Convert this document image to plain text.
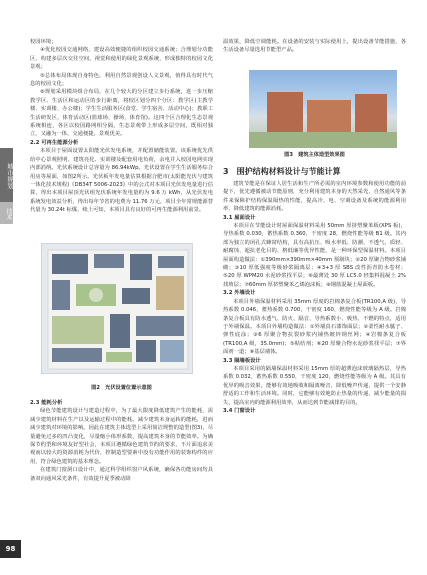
城市规划
技术

校园环境；

④优化校园交通网络，建设高效便捷的组织校园交通系统；合理划分功能区，构建多层次交往空间，视觉和使用的绿化景观系统，形成独特的校园文化景观；

⑤总体布局体现自身特色，利用自然景观创设人文景观，值得具有时代气息的校园文化；

⑥规划采用模块组合布局，在几个较大的分区建立步行系统，进一步压缩教学区、生活区和运动区的步行距离，将校区划分四个分区：教学区(主教学楼、实训楼、办公楼)；学生生活服务区(食堂、学生宿舍、活动中心)；教职工生活研发区，体育活动区(篮球场、操场、体育馆)。这四个区合理化生态景观系统相连，各区以校园路网相分隔，生态景观带上形成多层空间，既相对独立，又融为一体，交通便捷，景观优美。

2.2 可再生能源分析

本项目于屋面设置太阳能光伏发电系统，并配置储能装置。该系统优先供给中心景观照明、建筑亮化、实训楼及配套用电负荷，余电并入校园电网实现内部消纳。光伏系统设计总容量为 86.94kWp。光伏设置在学生生活服务综合用房等屋面，如图2所示。光伏板年发电量估算根据合肥市(太阳能光伏与建筑一体化技术规程)《DB34T 5006-2023》中的公式对本项目光伏发电量进行估算，得出本项目屋顶光伏组光伏系统年发电量约为 9.6 万 kWh，从光伏发电系统发电效益分析，得出每年节省的电费为 11.76 万元，项目全年常规能源替代量为 30.24t 标煤，续上可知，本项目具有良好的可再生能源利用前景。

图2　光伏设置位置示意图

2.3 能耗分析

绿色节能建筑设计与建造过程中，为了最大限度降低建筑产生的能耗，需减少建筑材料在生产以及运输过程中的能耗。减少建筑本身运转的能耗，进而减少建筑对环境的影响。因此在建筑主体选型上采用简洁规整的造型(图3)，尽量避免过多的凹凸变化，尽量缩小体形系数，提高建筑本身的节能效率。为确保节约型和环境友好型社会，本项目遵循绿色建筑节约的要求，不片面追求美观而以较大的资源消耗为代价，控制造型要素中没有功能作用的装饰构件的应用，符合绿色建筑的基本理念。

在建筑门窗洞口设计中，通过科学组织窗户风系统，确保各功能房间均具备双向通风采光条件，有效提升夏季被动降

温效果，降低空调能耗。在设备的安装与实际使用上，提出设备节能措施，各生活设备尽量选用节能型产品。

图3　建筑主体造型效果图
3　围护结构材料设计与节能计算

建筑节能是在保证人居生活和生产所必需的室内环境参数和使用功能的前提下，优先遵循被动节能原则，充分利用建筑本身的天然采光、自然通风等条件来保障护结构保温隔热的性能，提高冷、电、空调设备及系统的能源利用率，降低建筑的能源消耗。

3.1 屋面设计

本项目在节能设计时屋面保温材料采用 50mm 厚挤塑聚苯板(XPS 板)，导热系数 0.030，蓄热系数 0.360，干密度 28，燃烧性能等级 B1 级。其内部为独立的闭孔式蜂窝结构，具有高抗压、吸水率低、防潮、不透气、质轻、耐腐蚀、超抗老化目的、格低廉等优异性能，是一种环保型保温材料。本项目屋面构造做法：①390mm×390mm×40mm 预制块；②20 厚聚合物砂浆铺砌；③10 厚低强度等级砂浆隔离层；④3+3 厚 SBS 改性沥青防水卷材；⑤20 厚 WPM20 水泥砂浆找平层；⑥最薄处 30 厚 LC5.0 轻集料混凝土 2% 找坡层；⑦60mm 厚挤塑聚苯乙烯泡沫板；⑧钢筋混凝土屋面板。

3.2 外墙设计

本项目外墙保温材料采用 35mm 厚度的岩棉条复合板(TR100,A 级)，导热系数 0.046，蓄热系数 0.700，干密度 160，燃烧性能等级为 A 级。岩棉条复合板具有防水透气、防火、隔音、导热系数小、吸热、不燃的特点，适用于外墙保温。本项目外墙构造做法：①外墙真石漆饰面层；②柔性耐水腻子、弹性底涂；③6 厚聚合物抗裂砂浆内铺热镀锌钢丝网；④岩棉条复合板(TR100,A 级，35.0mm)；⑤粘结剂；⑥20 厚聚合物水泥砂浆找平层；⑦界面剂一道；⑧基层墙体。

3.3 隔墙板设计

本项目采用的隔墙保温材料采用 15mm 厚的超薄泡沫玻璃隔热层，导热系数 0.032，蓄热系数 0.550，干密度 120，燃烧性能等级为 A 级。其具有优异的吸音效果，能够有效地吸收和隔离噪音，降低噪声传递，提供一个安静舒适的工作和生活环境。同时，它能够有效地防止热量的传递，减少能量的损失，提高室内的能源利用效率，从而达到节能减排的目的。

3.4 门窗设计

98
